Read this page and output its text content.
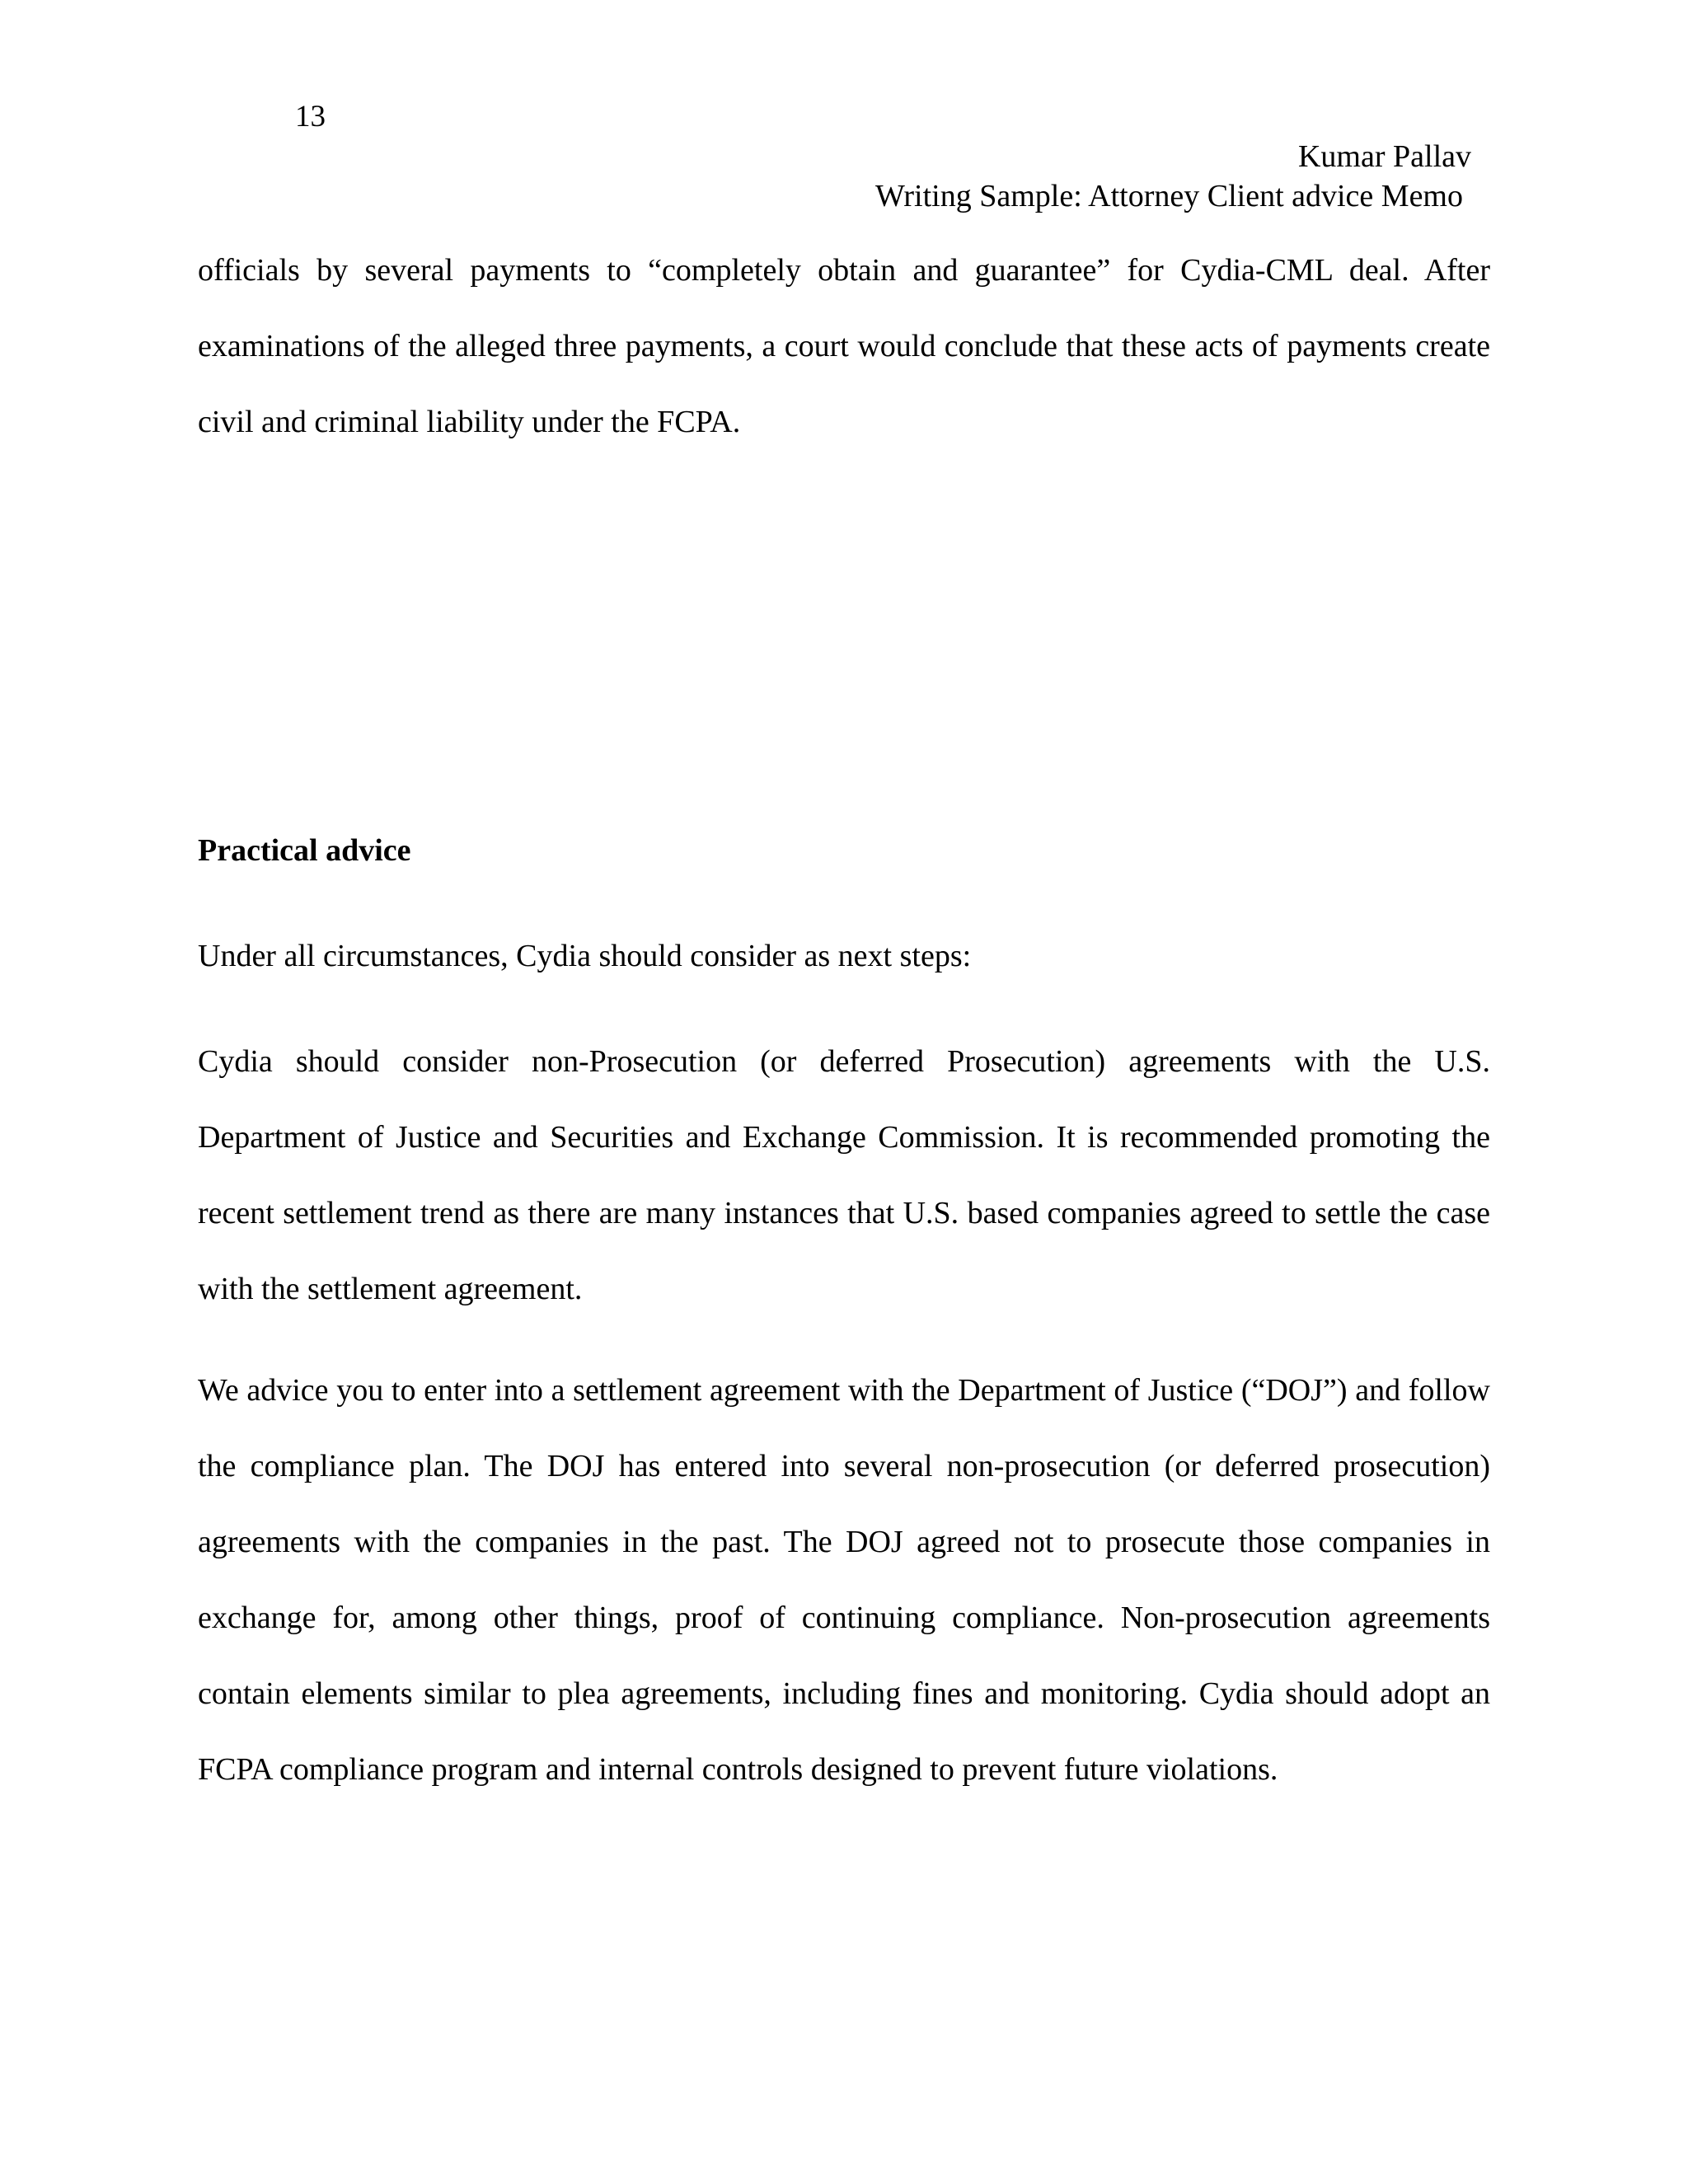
13
Kumar Pallav
Writing Sample: Attorney Client advice Memo

officials by several payments to “completely obtain and guarantee” for Cydia-CML deal. After examinations of the alleged three payments, a court would conclude that these acts of payments create civil and criminal liability under the FCPA.

Practical advice
Under all circumstances, Cydia should consider as next steps:

Cydia should consider non-Prosecution (or deferred Prosecution) agreements with the U.S. Department of Justice and Securities and Exchange Commission. It is recommended promoting the recent settlement trend as there are many instances that U.S. based companies agreed to settle the case with the settlement agreement.

We advice you to enter into a settlement agreement with the Department of Justice (“DOJ”) and follow the compliance plan. The DOJ has entered into several non-prosecution (or deferred prosecution) agreements with the companies in the past. The DOJ agreed not to prosecute those companies in exchange for, among other things, proof of continuing compliance. Non-prosecution agreements contain elements similar to plea agreements, including fines and monitoring. Cydia should adopt an FCPA compliance program and internal controls designed to prevent future violations.
